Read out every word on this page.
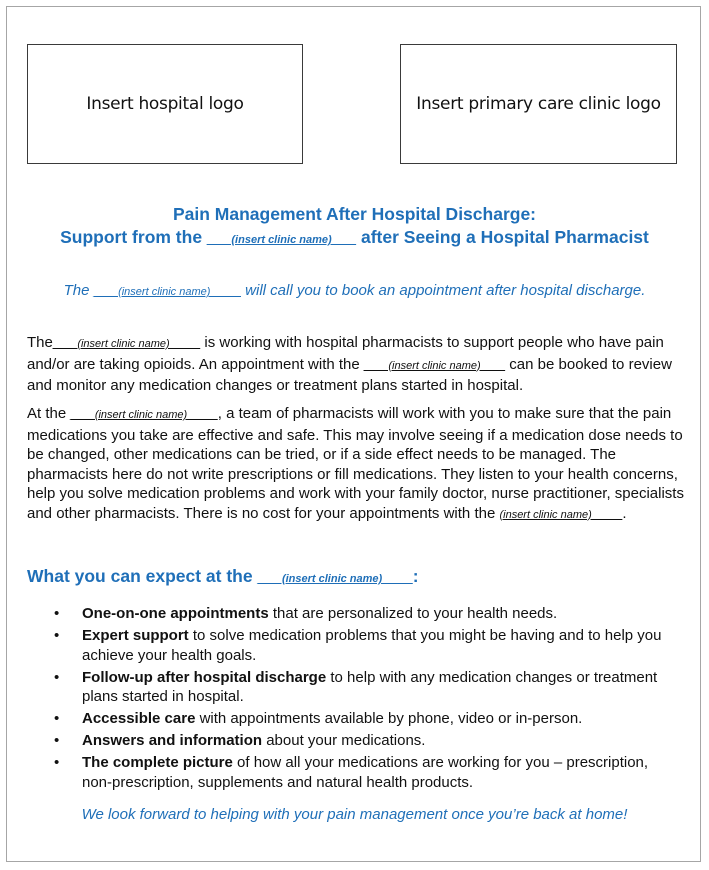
Insert hospital logo	Insert primary care clinic logo
Pain Management After Hospital Discharge:
Support from the ____(insert clinic name)____ after Seeing a Hospital Pharmacist
The ____(insert clinic name)_____ will call you to book an appointment after hospital discharge.
The____(insert clinic name)_____ is working with hospital pharmacists to support people who have pain and/or are taking opioids. An appointment with the ____(insert clinic name)____ can be booked to review and monitor any medication changes or treatment plans started in hospital.
At the ____(insert clinic name)_____, a team of pharmacists will work with you to make sure that the pain medications you take are effective and safe. This may involve seeing if a medication dose needs to be changed, other medications can be tried, or if a side effect needs to be managed. The pharmacists here do not write prescriptions or fill medications. They listen to your health concerns, help you solve medication problems and work with your family doctor, nurse practitioner, specialists and other pharmacists. There is no cost for your appointments with the (insert clinic name)_____.
What you can expect at the ____(insert clinic name)_____:
• One-on-one appointments that are personalized to your health needs.
• Expert support to solve medication problems that you might be having and to help you achieve your health goals.
• Follow-up after hospital discharge to help with any medication changes or treatment plans started in hospital.
• Accessible care with appointments available by phone, video or in-person.
• Answers and information about your medications.
• The complete picture of how all your medications are working for you – prescription, non-prescription, supplements and natural health products.
We look forward to helping with your pain management once you’re back at home!
